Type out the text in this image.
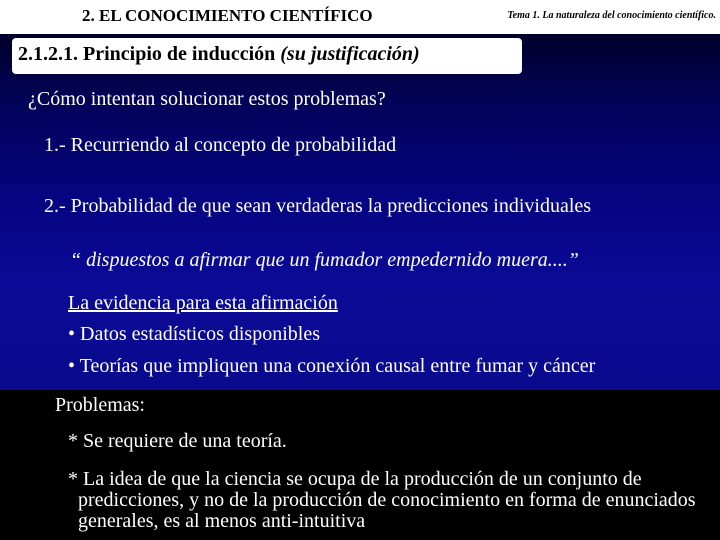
2. EL CONOCIMIENTO CIENTÍFICO	Tema 1. La naturaleza del conocimiento científico.
2.1.2.1. Principio de inducción (su justificación)
¿Cómo intentan solucionar estos problemas?
1.- Recurriendo al concepto de probabilidad
2.- Probabilidad de que sean verdaderas la predicciones individuales
“ dispuestos a afirmar que un fumador empedernido muera....”
La evidencia para esta afirmación
• Datos estadísticos disponibles
• Teorías que impliquen una conexión causal entre fumar y cáncer
Problemas:
* Se requiere de una teoría.
* La idea de que la ciencia se ocupa de la producción de un conjunto de predicciones, y no de la producción de conocimiento en forma de enunciados generales, es al menos anti-intuitiva
